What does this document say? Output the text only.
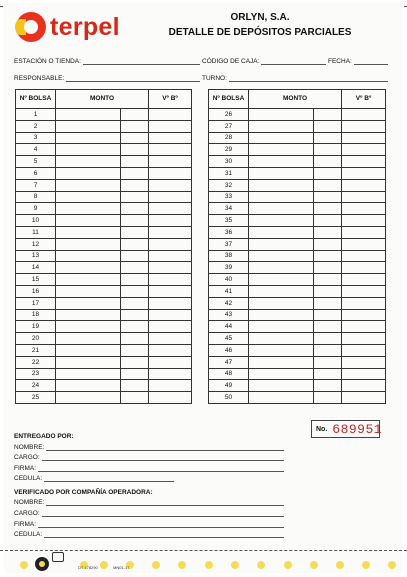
terpel	ORLYN, S.A.
DETALLE DE DEPÓSITOS PARCIALES
ESTACIÓN O TIENDA:	CÓDIGO DE CAJA:	FECHA:
RESPONSABLE:	TURNO:
Nº BOLSA	MONTO		Vº Bº
1			
2			
3			
4			
5			
6			
7			
8			
9			
10			
11			
12			
13			
14			
15			
16			
17			
18			
19			
20			
21			
22			
23			
24			
25			
Nº BOLSA	MONTO		Vº Bº
26			
27			
28			
29			
30			
31			
32			
33			
34			
35			
36			
37			
38			
39			
40			
41			
42			
43			
44			
45			
46			
47			
48			
49			
50			
No. 689951
ENTREGADO POR:
NOMBRE:
CARGO:
FIRMA:
CEDULA:
VERIFICADO POR COMPAÑÍA OPERADORA:
NOMBRE:
CARGO:
FIRMA:
CEDULA:
DT 178290	MN01-17
